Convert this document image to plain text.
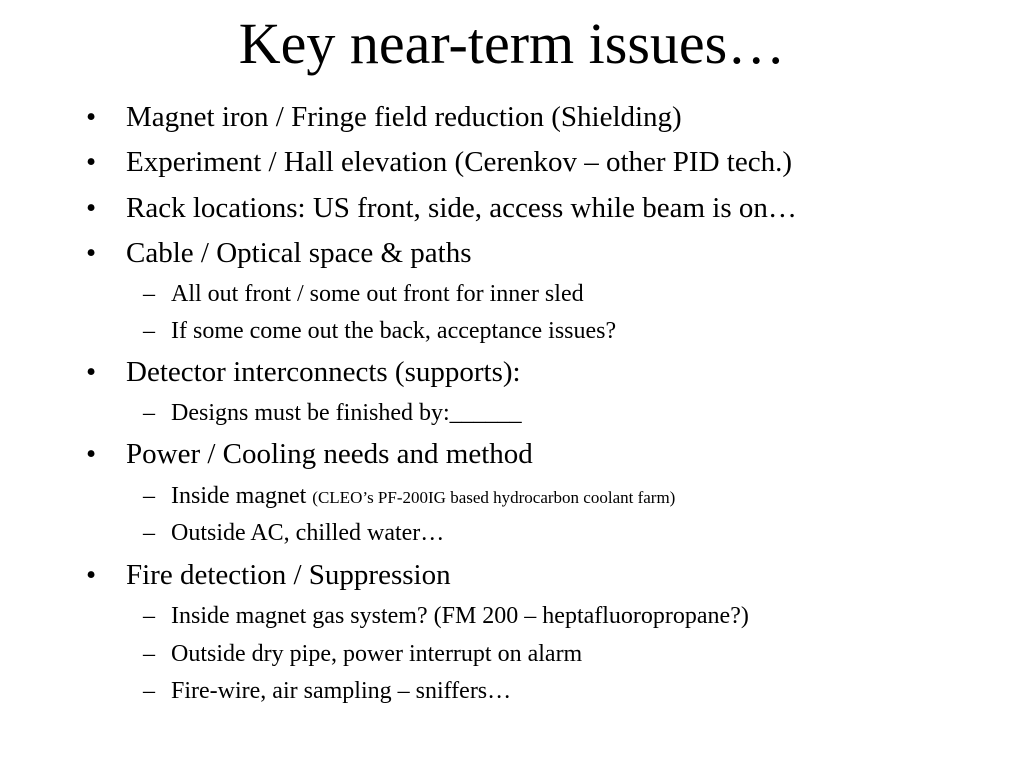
Key near-term issues…
•	Magnet iron / Fringe field reduction (Shielding)
•	Experiment / Hall elevation (Cerenkov – other PID tech.)
•	Rack locations: US front, side, access while beam is on…
•	Cable / Optical space & paths
– All out front / some out front for inner sled
– If some come out the back, acceptance issues?
•	Detector interconnects (supports):
– Designs must be finished by:______
•	Power / Cooling needs and method
– Inside magnet (CLEO’s PF-200IG based hydrocarbon coolant farm)
– Outside AC, chilled water…
•	Fire detection / Suppression
– Inside magnet gas system? (FM 200 – heptafluoropropane?)
– Outside dry pipe, power interrupt on alarm
– Fire-wire, air sampling – sniffers…
